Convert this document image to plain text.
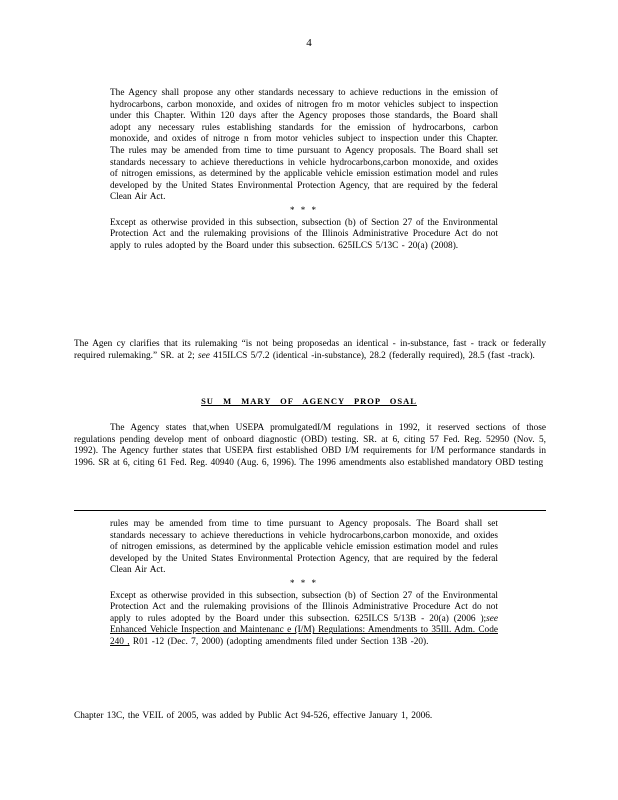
4

The Agency shall propose any other standards necessary to achieve reductions in the emission of hydrocarbons, carbon monoxide, and oxides of nitrogen fro m motor vehicles subject to inspection under this Chapter. Within 120 days after the Agency proposes those standards, the Board shall adopt any necessary rules establishing standards for the emission of hydrocarbons, carbon monoxide, and oxides of nitroge n from motor vehicles subject to inspection under this Chapter. The rules may be amended from time to time pursuant to Agency proposals. The Board shall set standards necessary to achieve thereductions in vehicle hydrocarbons,carbon monoxide, and oxides of nitrogen emissions, as determined by the applicable vehicle emission estimation model and rules developed by the United States Environmental Protection Agency, that are required by the federal Clean Air Act.

* * *

Except as otherwise provided in this subsection, subsection (b) of Section 27 of the Environmental Protection Act and the rulemaking provisions of the Illinois Administrative Procedure Act do not apply to rules adopted by the Board under this subsection. 625ILCS 5/13C - 20(a) (2008).

The Agen cy clarifies that its rulemaking “is not being proposedas an identical - in-substance, fast - track or federally required rulemaking.” SR. at 2; see 415ILCS 5/7.2 (identical -in-substance), 28.2 (federally required), 28.5 (fast -track).
SU M MARY OF AGENCY PROP OSAL
The Agency states that,when USEPA promulgatedI/M regulations in 1992, it reserved sections of those regulations pending develop ment of onboard diagnostic (OBD) testing. SR. at 6, citing 57 Fed. Reg. 52950 (Nov. 5, 1992). The Agency further states that USEPA first established OBD I/M requirements for I/M performance standards in 1996. SR at 6, citing 61 Fed. Reg. 40940 (Aug. 6, 1996). The 1996 amendments also established mandatory OBD testing

rules may be amended from time to time pursuant to Agency proposals. The Board shall set standards necessary to achieve thereductions in vehicle hydrocarbons,carbon monoxide, and oxides of nitrogen emissions, as determined by the applicable vehicle emission estimation model and rules developed by the United States Environmental Protection Agency, that are required by the federal Clean Air Act.

* * *

Except as otherwise provided in this subsection, subsection (b) of Section 27 of the Environmental Protection Act and the rulemaking provisions of the Illinois Administrative Procedure Act do not apply to rules adopted by the Board under this subsection. 625ILCS 5/13B - 20(a) (2006 );see Enhanced Vehicle Inspection and Maintenanc e (I/M) Regulations: Amendments to 35Ill. Adm. Code 240 , R01 -12 (Dec. 7, 2000) (adopting amendments filed under Section 13B -20).

Chapter 13C, the VEIL of 2005, was added by Public Act 94-526, effective January 1, 2006.
